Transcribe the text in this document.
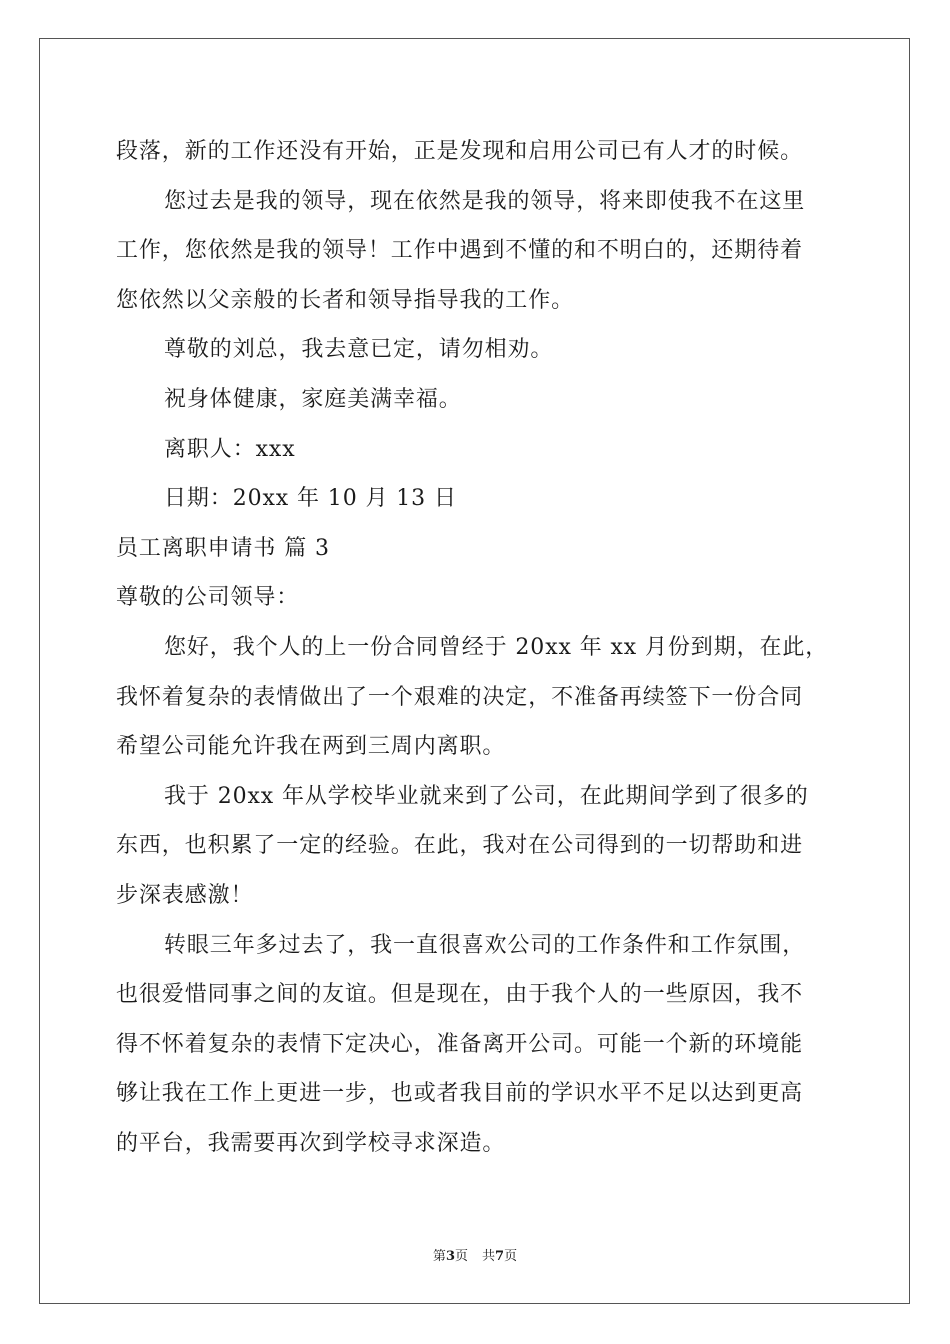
段落，新的工作还没有开始，正是发现和启用公司已有人才的时候。
您过去是我的领导，现在依然是我的领导，将来即使我不在这里
工作，您依然是我的领导！工作中遇到不懂的和不明白的，还期待着
您依然以父亲般的长者和领导指导我的工作。
尊敬的刘总，我去意已定，请勿相劝。
祝身体健康，家庭美满幸福。
离职人：xxx
日期：20xx 年 10 月 13 日
员工离职申请书 篇 3
尊敬的公司领导：
您好，我个人的上一份合同曾经于 20xx 年 xx 月份到期，在此，
我怀着复杂的表情做出了一个艰难的决定，不准备再续签下一份合同
希望公司能允许我在两到三周内离职。
我于 20xx 年从学校毕业就来到了公司，在此期间学到了很多的
东西，也积累了一定的经验。在此，我对在公司得到的一切帮助和进
步深表感激！
转眼三年多过去了，我一直很喜欢公司的工作条件和工作氛围，
也很爱惜同事之间的友谊。但是现在，由于我个人的一些原因，我不
得不怀着复杂的表情下定决心，准备离开公司。可能一个新的环境能
够让我在工作上更进一步，也或者我目前的学识水平不足以达到更高
的平台，我需要再次到学校寻求深造。
第3页 共7页
